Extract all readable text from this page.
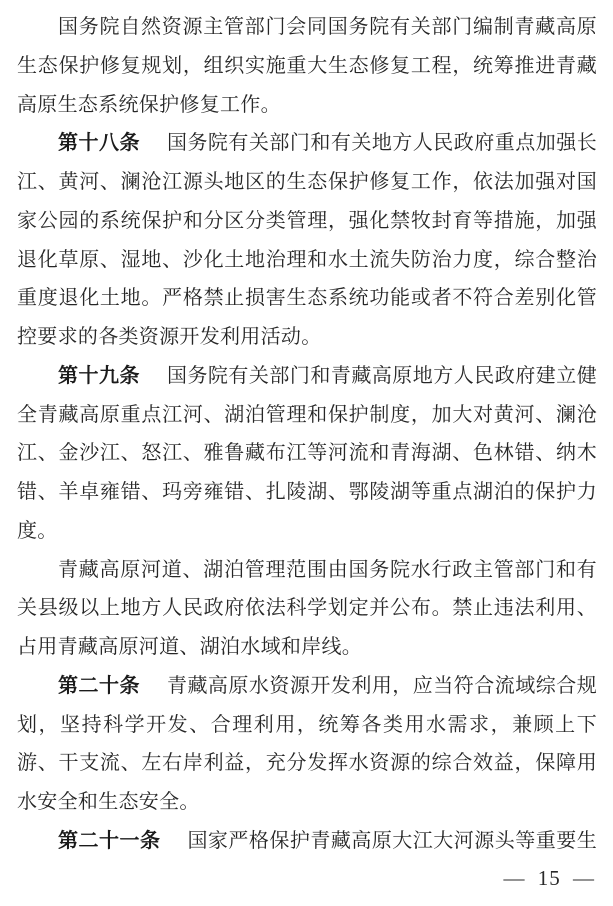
国务院自然资源主管部门会同国务院有关部门编制青藏高原

生态保护修复规划，组织实施重大生态修复工程，统筹推进青藏

高原生态系统保护修复工作。

第十八条 国务院有关部门和有关地方人民政府重点加强长

江、黄河、澜沧江源头地区的生态保护修复工作，依法加强对国

家公园的系统保护和分区分类管理，强化禁牧封育等措施，加强

退化草原、湿地、沙化土地治理和水土流失防治力度，综合整治

重度退化土地。严格禁止损害生态系统功能或者不符合差别化管

控要求的各类资源开发利用活动。

第十九条 国务院有关部门和青藏高原地方人民政府建立健

全青藏高原重点江河、湖泊管理和保护制度，加大对黄河、澜沧

江、金沙江、怒江、雅鲁藏布江等河流和青海湖、色林错、纳木

错、羊卓雍错、玛旁雍错、扎陵湖、鄂陵湖等重点湖泊的保护力

度。

青藏高原河道、湖泊管理范围由国务院水行政主管部门和有

关县级以上地方人民政府依法科学划定并公布。禁止违法利用、

占用青藏高原河道、湖泊水域和岸线。

第二十条 青藏高原水资源开发利用，应当符合流域综合规

划，坚持科学开发、合理利用，统筹各类用水需求，兼顾上下

游、干支流、左右岸利益，充分发挥水资源的综合效益，保障用

水安全和生态安全。

第二十一条 国家严格保护青藏高原大江大河源头等重要生

— 15 —
